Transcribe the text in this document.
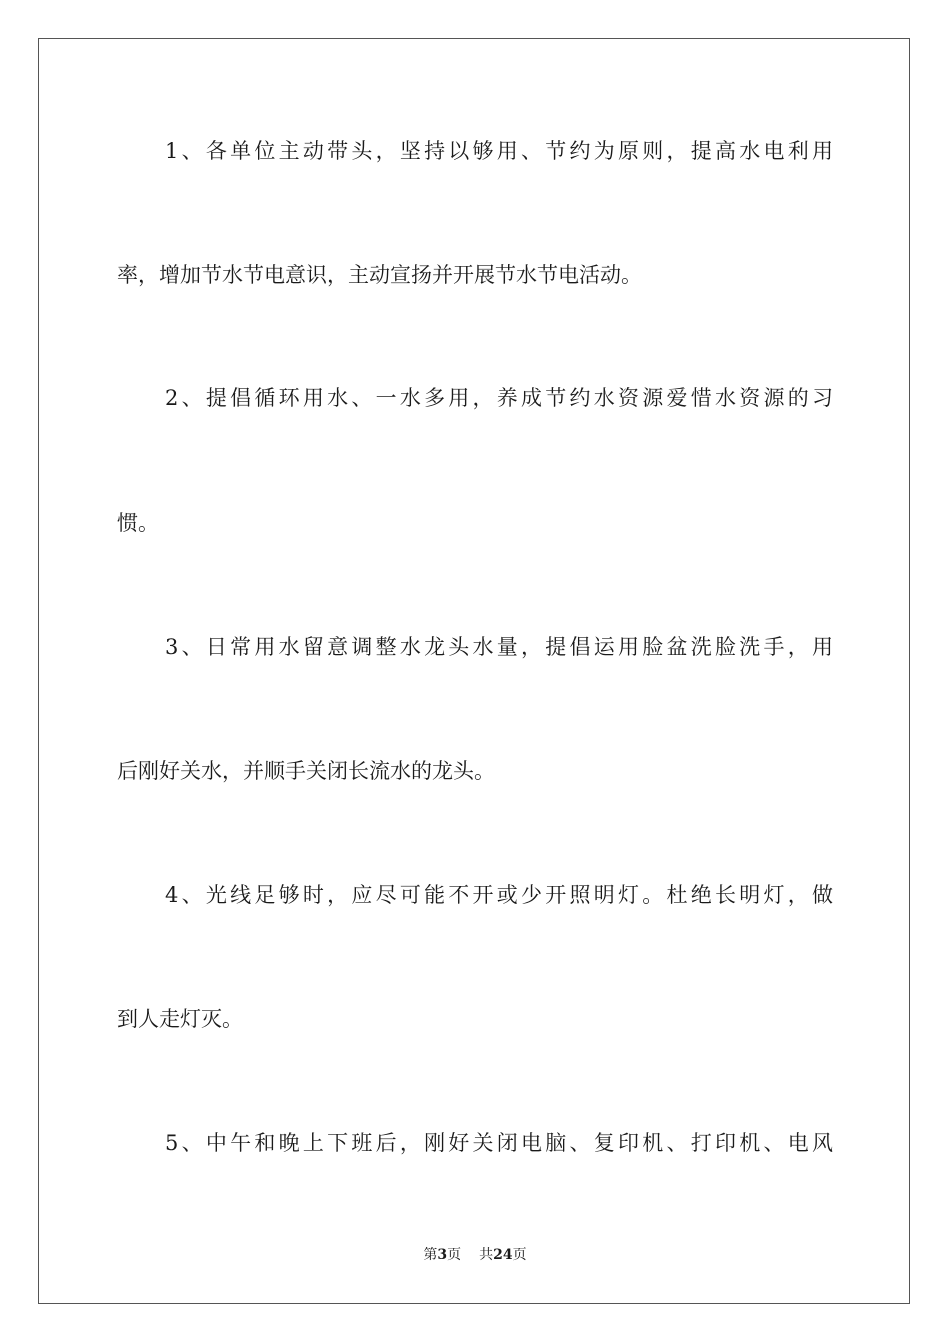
1、各单位主动带头，坚持以够用、节约为原则，提高水电利用
率，增加节水节电意识，主动宣扬并开展节水节电活动。
2、提倡循环用水、一水多用，养成节约水资源爱惜水资源的习
惯。
3、日常用水留意调整水龙头水量，提倡运用脸盆洗脸洗手，用
后刚好关水，并顺手关闭长流水的龙头。
4、光线足够时，应尽可能不开或少开照明灯。杜绝长明灯，做
到人走灯灭。
5、中午和晚上下班后，刚好关闭电脑、复印机、打印机、电风
第3页 共24页
